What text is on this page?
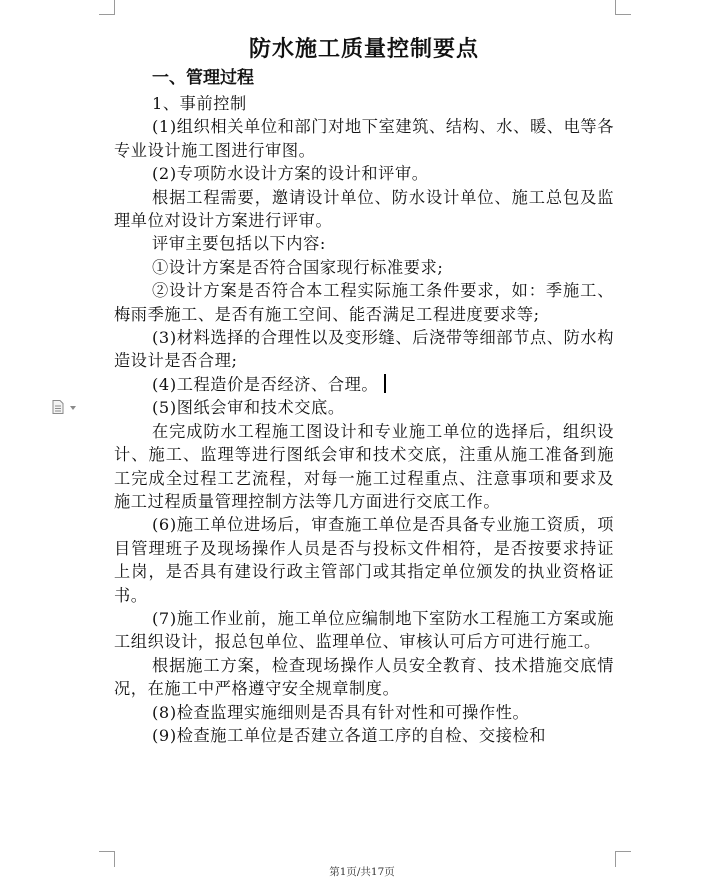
防水施工质量控制要点
一、管理过程

1、事前控制

(1)组织相关单位和部门对地下室建筑、结构、水、暖、电等各专业设计施工图进行审图。

(2)专项防水设计方案的设计和评审。

根据工程需要，邀请设计单位、防水设计单位、施工总包及监理单位对设计方案进行评审。

评审主要包括以下内容:

①设计方案是否符合国家现行标准要求;

②设计方案是否符合本工程实际施工条件要求，如：季施工、梅雨季施工、是否有施工空间、能否满足工程进度要求等;

(3)材料选择的合理性以及变形缝、后浇带等细部节点、防水构造设计是否合理;

(4)工程造价是否经济、合理。

(5)图纸会审和技术交底。

在完成防水工程施工图设计和专业施工单位的选择后，组织设计、施工、监理等进行图纸会审和技术交底，注重从施工准备到施工完成全过程工艺流程，对每一施工过程重点、注意事项和要求及施工过程质量管理控制方法等几方面进行交底工作。

(6)施工单位进场后，审查施工单位是否具备专业施工资质，项目管理班子及现场操作人员是否与投标文件相符，是否按要求持证上岗，是否具有建设行政主管部门或其指定单位颁发的执业资格证书。

(7)施工作业前，施工单位应编制地下室防水工程施工方案或施工组织设计，报总包单位、监理单位、审核认可后方可进行施工。

根据施工方案，检查现场操作人员安全教育、技术措施交底情况，在施工中严格遵守安全规章制度。

(8)检查监理实施细则是否具有针对性和可操作性。

(9)检查施工单位是否建立各道工序的自检、交接检和

第1页/共17页
